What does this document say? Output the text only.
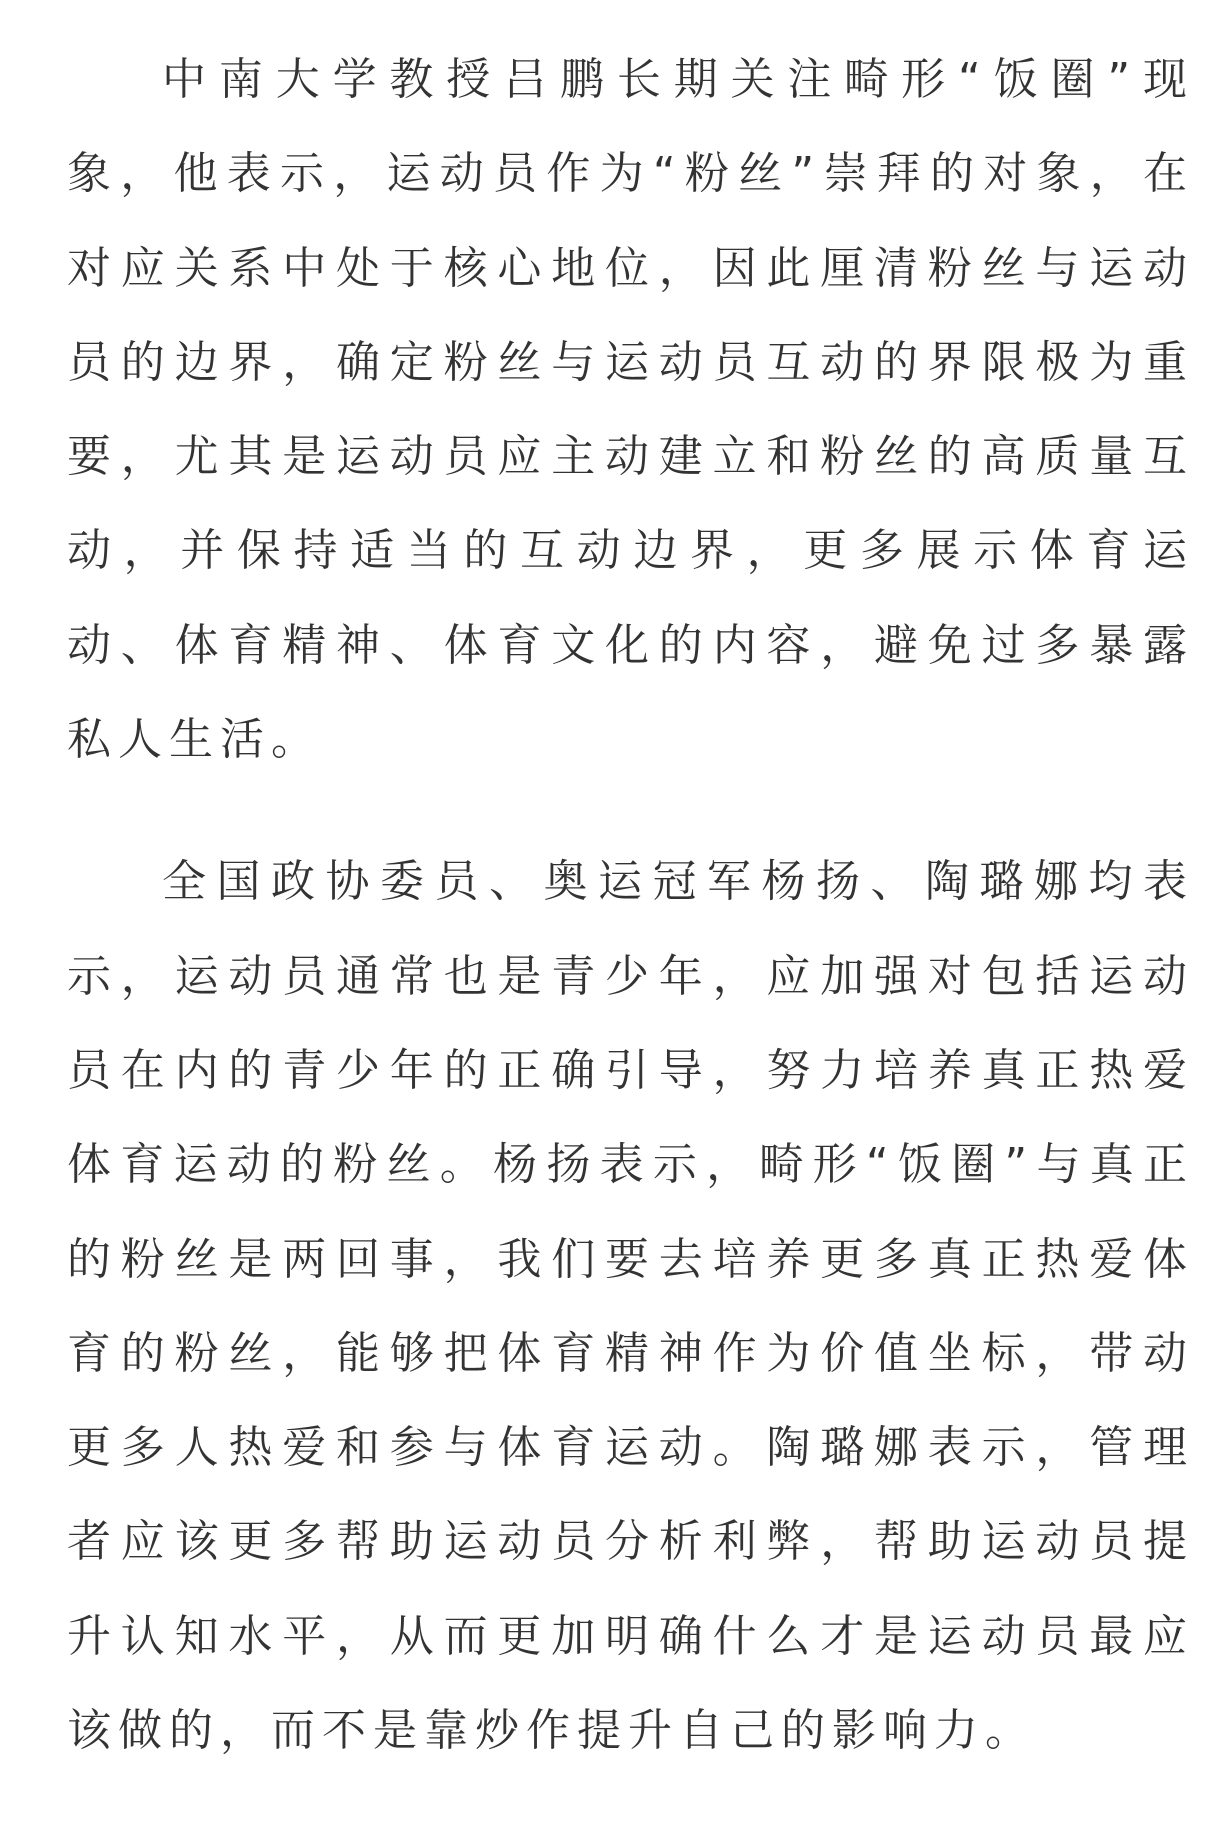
中南大学教授吕鹏长期关注畸形“饭圈”现
象，他表示，运动员作为“粉丝”崇拜的对象，在
对应关系中处于核心地位，因此厘清粉丝与运动
员的边界，确定粉丝与运动员互动的界限极为重
要，尤其是运动员应主动建立和粉丝的高质量互
动，并保持适当的互动边界，更多展示体育运
动、体育精神、体育文化的内容，避免过多暴露
私人生活。

全国政协委员、奥运冠军杨扬、陶璐娜均表
示，运动员通常也是青少年，应加强对包括运动
员在内的青少年的正确引导，努力培养真正热爱
体育运动的粉丝。杨扬表示，畸形“饭圈”与真正
的粉丝是两回事，我们要去培养更多真正热爱体
育的粉丝，能够把体育精神作为价值坐标，带动
更多人热爱和参与体育运动。陶璐娜表示，管理
者应该更多帮助运动员分析利弊，帮助运动员提
升认知水平，从而更加明确什么才是运动员最应
该做的，而不是靠炒作提升自己的影响力。
